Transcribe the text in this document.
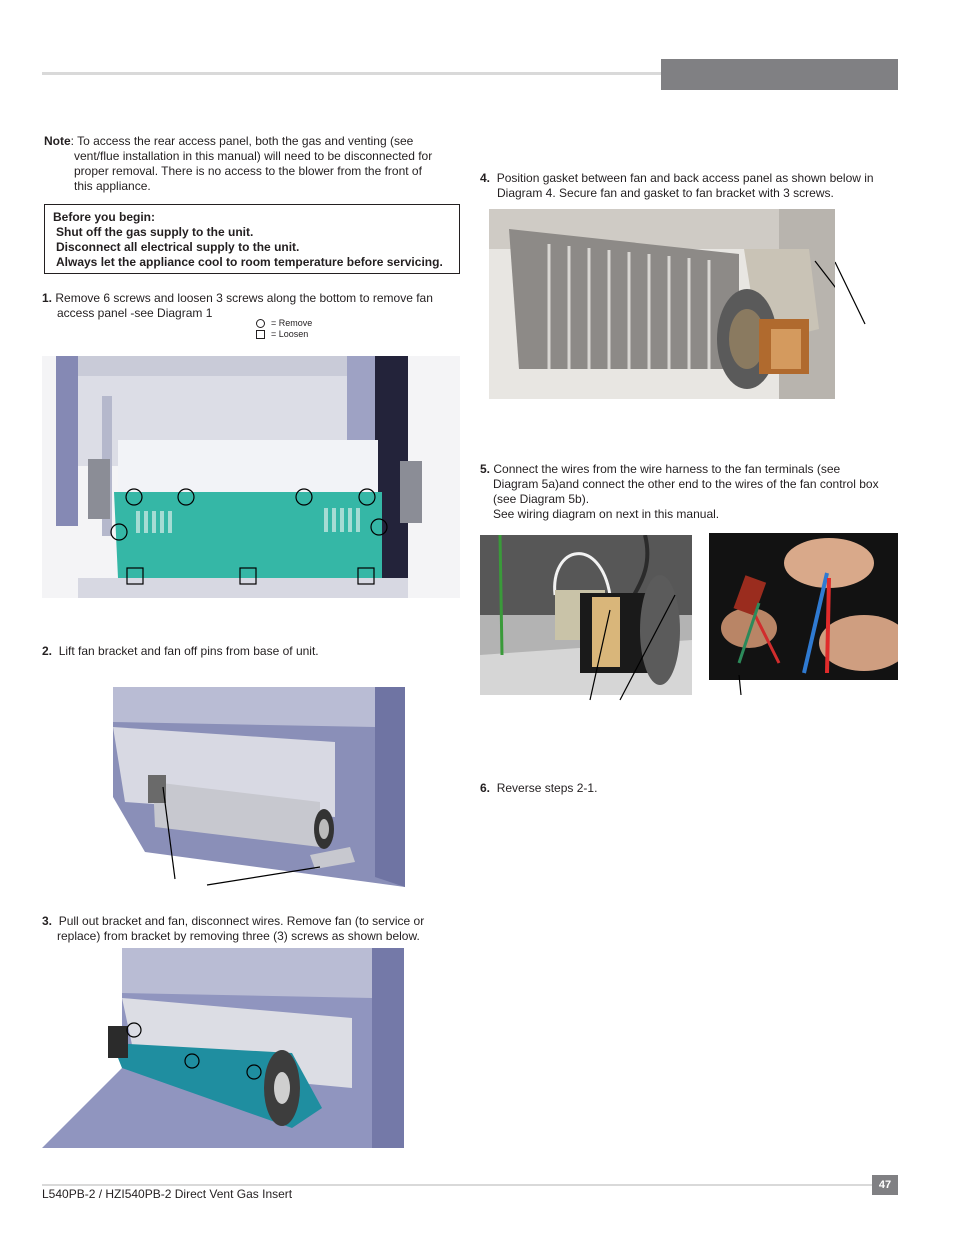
Note: To access the rear access panel, both the gas and venting (see
vent/flue installation in this manual) will need to be disconnected for
proper removal. There is no access to the blower from the front of
this appliance.
Before you begin:
Shut off the gas supply to the unit.
Disconnect all electrical supply to the unit.
Always let the appliance cool to room temperature before servicing.
1. Remove 6 screws and loosen 3 screws along the bottom to remove fan
access panel -see Diagram 1
= Remove
= Loosen
2. Lift fan bracket and fan off pins from base of unit.
3. Pull out bracket and fan, disconnect wires. Remove fan (to service or
replace) from bracket by removing three (3) screws as shown below.
4. Position gasket between fan and back access panel as shown below in
Diagram 4. Secure fan and gasket to fan bracket with 3 screws.
5. Connect the wires from the wire harness to the fan terminals (see
Diagram 5a)and connect the other end to the wires of the fan control box
(see Diagram 5b).
See wiring diagram on next in this manual.
6. Reverse steps 2-1.
47
L540PB-2 / HZI540PB-2 Direct Vent Gas Insert
